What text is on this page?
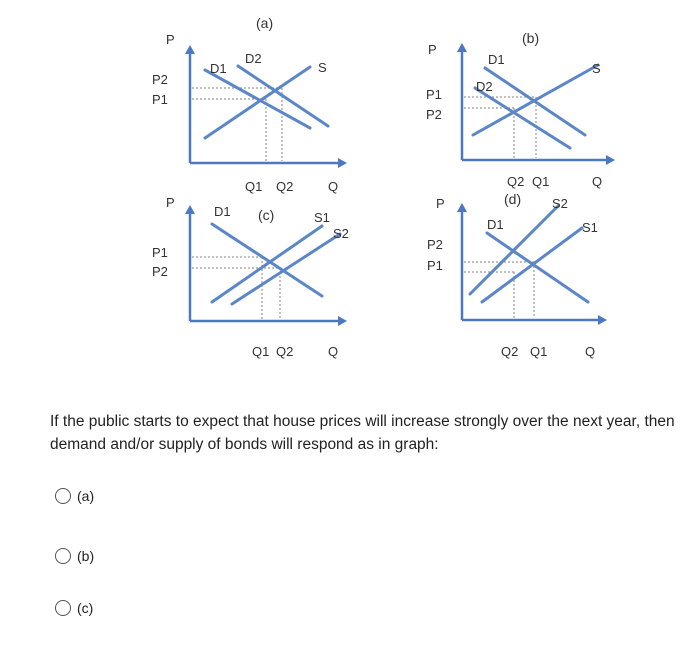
(a)
P
D1
D2
S
P2
P1
Q1 Q2	Q
(b)
P
D1
D2
S
P1
P2
Q2 Q1	Q
(c)
P
D1	S1
S2
P1
P2
Q1 Q2	Q
(d)
P
D1	S1
S2
P2
P1
Q2 Q1	Q
If the public starts to expect that house prices will increase strongly over the next year, then demand and/or supply of bonds will respond as in graph:
(a)
(b)
(c)
